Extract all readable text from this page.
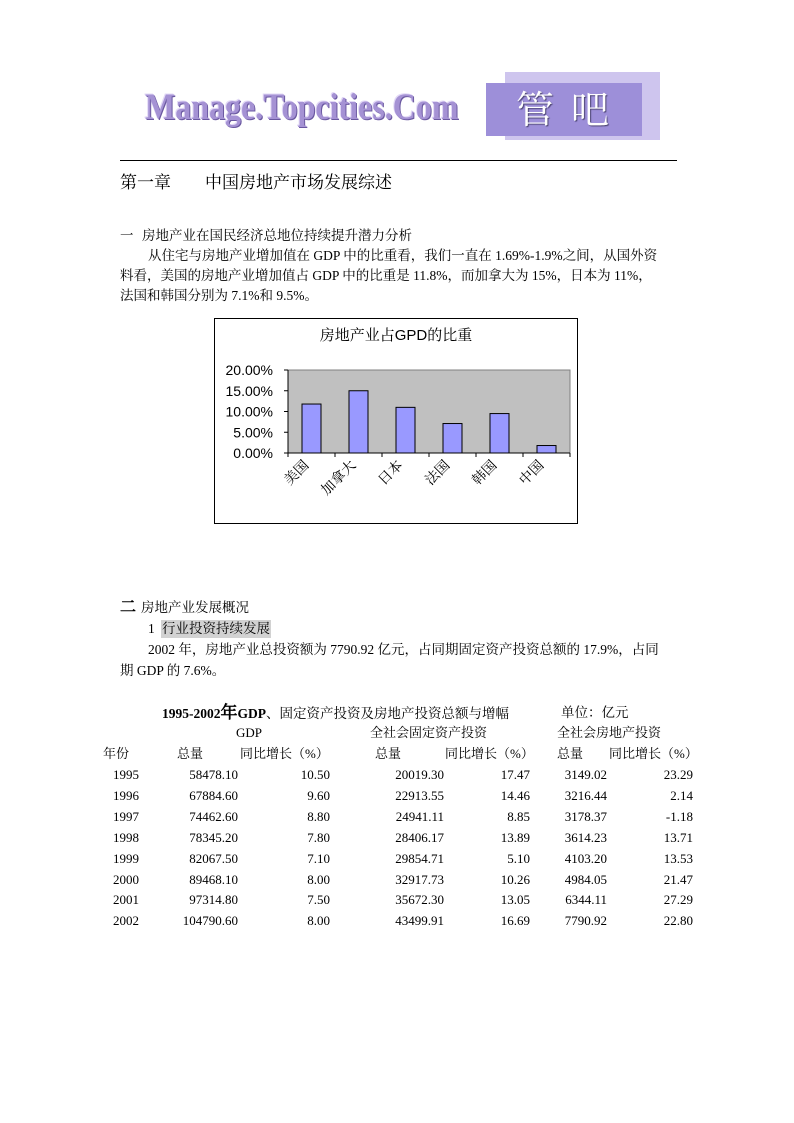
Manage.Topcities.Com 管 吧
第一章 中国房地产市场发展综述
一 房地产业在国民经济总地位持续提升潜力分析
从住宅与房地产业增加值在 GDP 中的比重看，我们一直在 1.69%-1.9%之间，从国外资
料看，美国的房地产业增加值占 GDP 中的比重是 11.8%，而加拿大为 15%，日本为 11%，
法国和韩国分别为 7.1%和 9.5%。
房地产业占GPD的比重
0.00%
5.00%
10.00%
15.00%
20.00%
美国 加拿大 日本 法国 韩国 中国
二 房地产业发展概况
1 行业投资持续发展
2002 年，房地产业总投资额为 7790.92 亿元，占同期固定资产投资总额的 17.9%，占同
期 GDP 的 7.6%。
1995-2002年GDP、固定资产投资及房地产投资总额与增幅	单位：亿元
GDP	全社会固定资产投资	全社会房地产投资
年份	总量	同比增长（%）	总量	同比增长（%） 总量 同比增长（%）
1995	58478.10	10.50	20019.30	17.47	3149.02	23.29
1996	67884.60	9.60	22913.55	14.46	3216.44	2.14
1997	74462.60	8.80	24941.11	8.85	3178.37	-1.18
1998	78345.20	7.80	28406.17	13.89	3614.23	13.71
1999	82067.50	7.10	29854.71	5.10	4103.20	13.53
2000	89468.10	8.00	32917.73	10.26	4984.05	21.47
2001	97314.80	7.50	35672.30	13.05	6344.11	27.29
2002	104790.60	8.00	43499.91	16.69	7790.92	22.80
